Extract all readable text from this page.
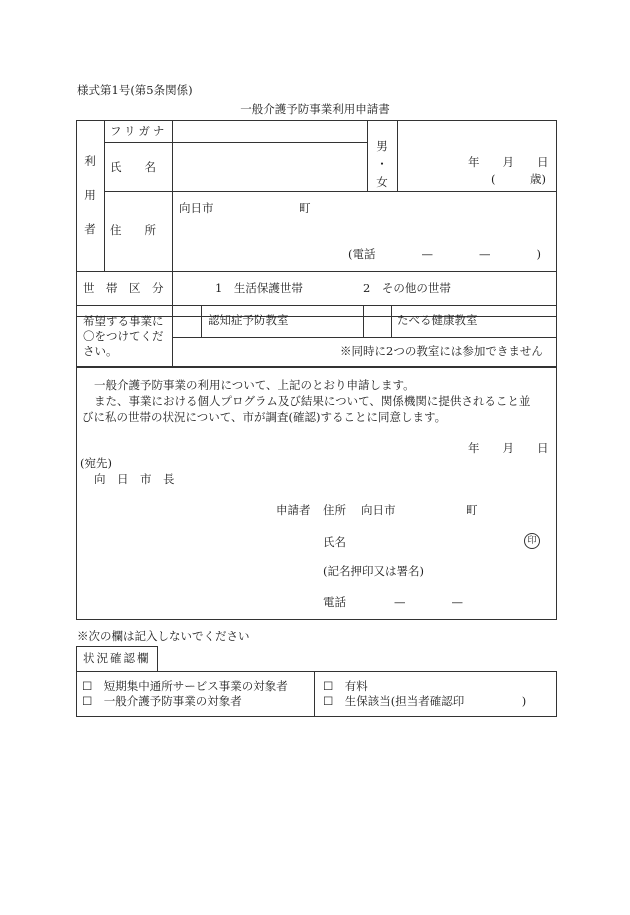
様式第1号(第5条関係)
一般介護予防事業利用申請書
利
用
者
フリガナ
氏　　名
男
・
女
年　　月　　日
(　　　歳)
住　　所
向日市	町
(電話　　　　—　　　　—　　　　)
世　帯　区　分	1　生活保護世帯	2　その他の世帯
希望する事業に
〇をつけてくだ
さい。
認知症予防教室	たべる健康教室
※同時に2つの教室には参加できません
一般介護予防事業の利用について、上記のとおり申請します。
また、事業における個人プログラム及び結果について、関係機関に提供されること並
びに私の世帯の状況について、市が調査(確認)することに同意します。
年　　月　　日
(宛先)
向　日　市　長
申請者 住所 向日市	町
氏名	印
(記名押印又は署名)
電話	—　　　　—
※次の欄は記入しないでください
状況確認欄
☐　短期集中通所サービス事業の対象者
☐　一般介護予防事業の対象者
☐　有料
☐　生保該当(担当者確認印　　　　　)
